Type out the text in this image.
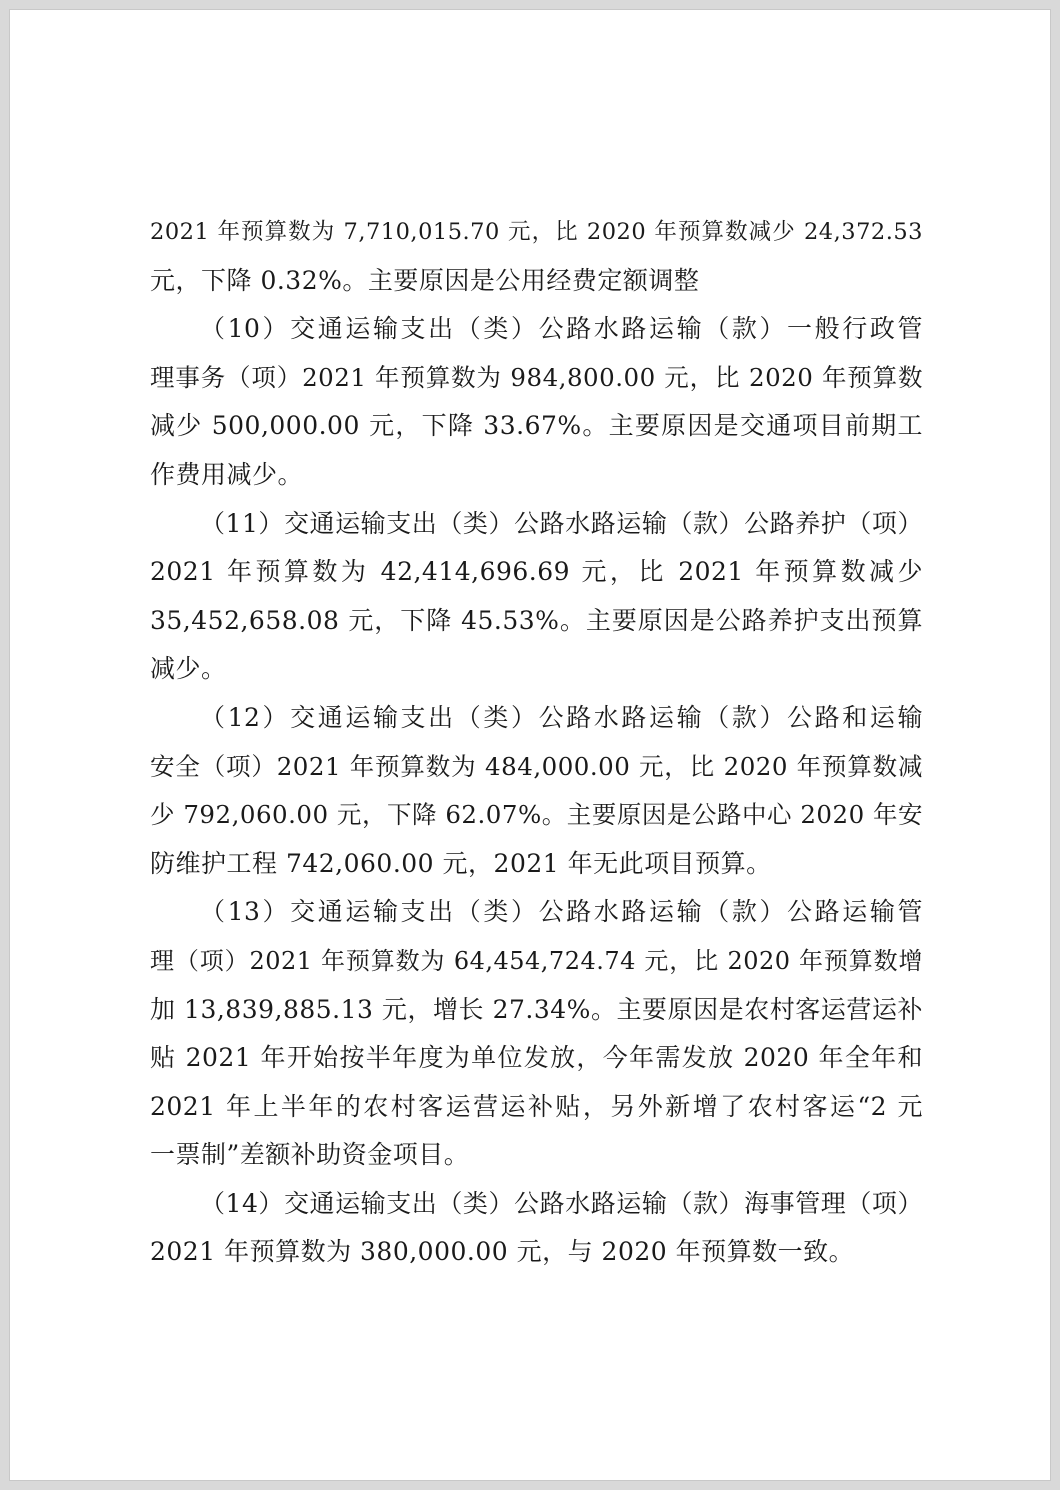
2021 年预算数为 7,710,015.70 元，比 2020 年预算数减少 24,372.53
元，下降 0.32%。主要原因是公用经费定额调整

（10）交通运输支出（类）公路水路运输（款）一般行政管
理事务（项）2021 年预算数为 984,800.00 元，比 2020 年预算数
减少 500,000.00 元，下降 33.67%。主要原因是交通项目前期工
作费用减少。

（11）交通运输支出（类）公路水路运输（款）公路养护（项）
2021 年预算数为 42,414,696.69 元，比 2021 年预算数减少
35,452,658.08 元，下降 45.53%。主要原因是公路养护支出预算
减少。

（12）交通运输支出（类）公路水路运输（款）公路和运输
安全（项）2021 年预算数为 484,000.00 元，比 2020 年预算数减
少 792,060.00 元，下降 62.07%。主要原因是公路中心 2020 年安
防维护工程 742,060.00 元，2021 年无此项目预算。

（13）交通运输支出（类）公路水路运输（款）公路运输管
理（项）2021 年预算数为 64,454,724.74 元，比 2020 年预算数增
加 13,839,885.13 元，增长 27.34%。主要原因是农村客运营运补
贴 2021 年开始按半年度为单位发放，今年需发放 2020 年全年和
2021 年上半年的农村客运营运补贴，另外新增了农村客运“2 元
一票制”差额补助资金项目。

（14）交通运输支出（类）公路水路运输（款）海事管理（项）
2021 年预算数为 380,000.00 元，与 2020 年预算数一致。
